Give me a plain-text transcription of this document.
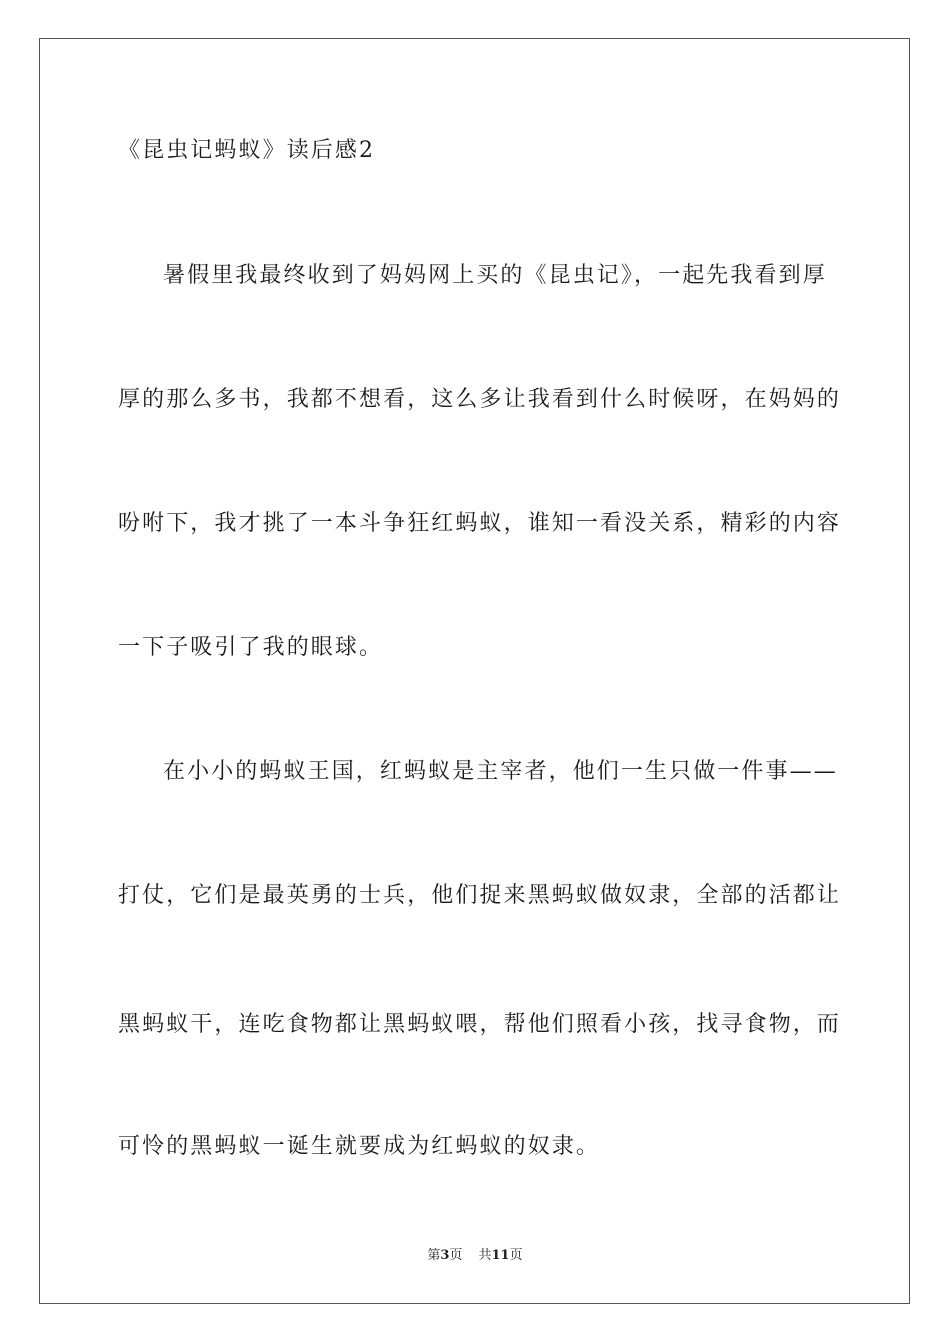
《昆虫记蚂蚁》读后感2
暑假里我最终收到了妈妈网上买的《昆虫记》，一起先我看到厚
厚的那么多书，我都不想看，这么多让我看到什么时候呀，在妈妈的
吩咐下，我才挑了一本斗争狂红蚂蚁，谁知一看没关系，精彩的内容
一下子吸引了我的眼球。
在小小的蚂蚁王国，红蚂蚁是主宰者，他们一生只做一件事——
打仗，它们是最英勇的士兵，他们捉来黑蚂蚁做奴隶，全部的活都让
黑蚂蚁干，连吃食物都让黑蚂蚁喂，帮他们照看小孩，找寻食物，而
可怜的黑蚂蚁一诞生就要成为红蚂蚁的奴隶。
第3页 共11页
